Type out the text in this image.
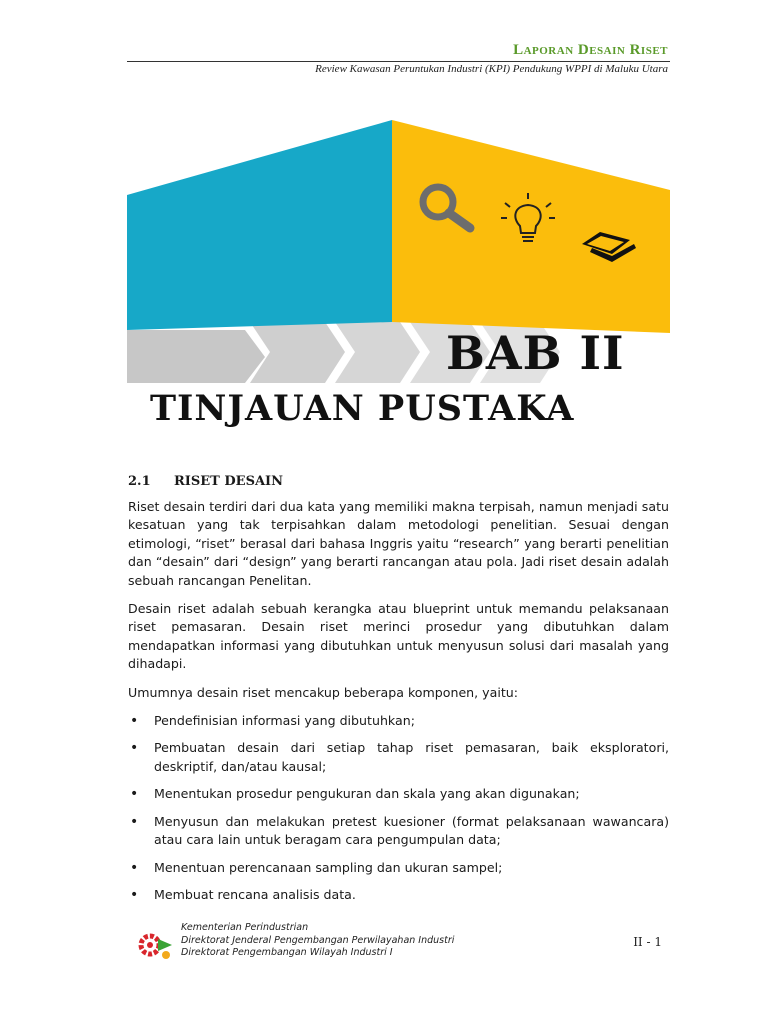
Laporan Desain Riset
Review Kawasan Peruntukan Industri (KPI) Pendukung WPPI di Maluku Utara
BAB II
TINJAUAN PUSTAKA
2.1 RISET DESAIN

Riset desain terdiri dari dua kata yang memiliki makna terpisah, namun menjadi satu kesatuan yang tak terpisahkan dalam metodologi penelitian. Sesuai dengan etimologi, “riset” berasal dari bahasa Inggris yaitu “research” yang berarti penelitian dan “desain” dari “design” yang berarti rancangan atau pola. Jadi riset desain adalah sebuah rancangan Penelitan.

Desain riset adalah sebuah kerangka atau blueprint untuk memandu pelaksanaan riset pemasaran. Desain riset merinci prosedur yang dibutuhkan dalam mendapatkan informasi yang dibutuhkan untuk menyusun solusi dari masalah yang dihadapi.

Umumnya desain riset mencakup beberapa komponen, yaitu:

• Pendefinisian informasi yang dibutuhkan;
• Pembuatan desain dari setiap tahap riset pemasaran, baik eksploratori, deskriptif, dan/atau kausal;
• Menentukan prosedur pengukuran dan skala yang akan digunakan;
• Menyusun dan melakukan pretest kuesioner (format pelaksanaan wawancara) atau cara lain untuk beragam cara pengumpulan data;
• Menentuan perencanaan sampling dan ukuran sampel;
• Membuat rencana analisis data.
Kementerian Perindustrian
Direktorat Jenderal Pengembangan Perwilayahan Industri
Direktorat Pengembangan Wilayah Industri I
II - 1
